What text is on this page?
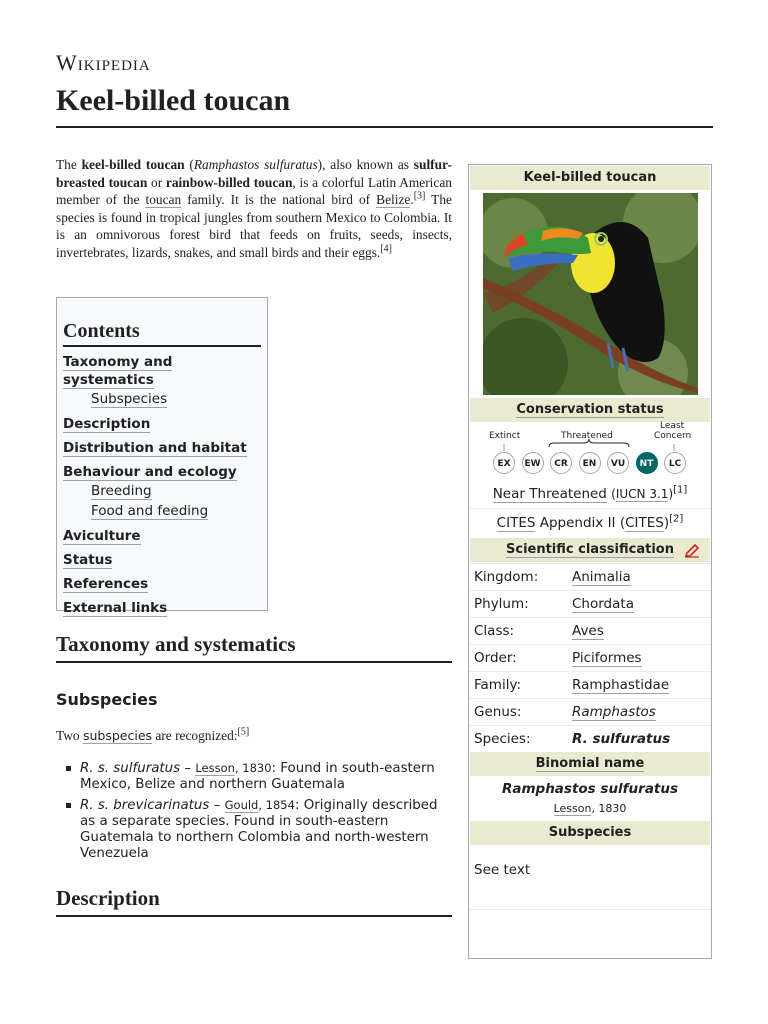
Wikipedia
Keel-billed toucan

The keel-billed toucan (Ramphastos sulfuratus), also known as sulfur-breasted toucan or rainbow-billed toucan, is a colorful Latin American member of the toucan family. It is the national bird of Belize.[3] The species is found in tropical jungles from southern Mexico to Colombia. It is an omnivorous forest bird that feeds on fruits, seeds, insects, invertebrates, lizards, snakes, and small birds and their eggs.[4]

Contents
Taxonomy and systematics
Subspecies
Description
Distribution and habitat
Behaviour and ecology
Breeding
Food and feeding
Aviculture
Status
References
External links
Taxonomy and systematics
Subspecies

Two subspecies are recognized:[5]

R. s. sulfuratus – Lesson, 1830: Found in south-eastern Mexico, Belize and northern Guatemala
R. s. brevicarinatus – Gould, 1854: Originally described as a separate species. Found in south-eastern Guatemala to northern Colombia and north-western Venezuela
Description
Keel-billed toucan
Conservation status
Extinct	Threatened
Least
Concern
EX	EW	CR	EN	VU	NT	LC
Near Threatened (IUCN 3.1)[1]
CITES Appendix II (CITES)[2]
Scientific classification
Kingdom:	Animalia
Phylum:	Chordata
Class:	Aves
Order:	Piciformes
Family:	Ramphastidae
Genus:	Ramphastos
Species:	R. sulfuratus
Binomial name
Ramphastos sulfuratus
Lesson, 1830
Subspecies
See text
